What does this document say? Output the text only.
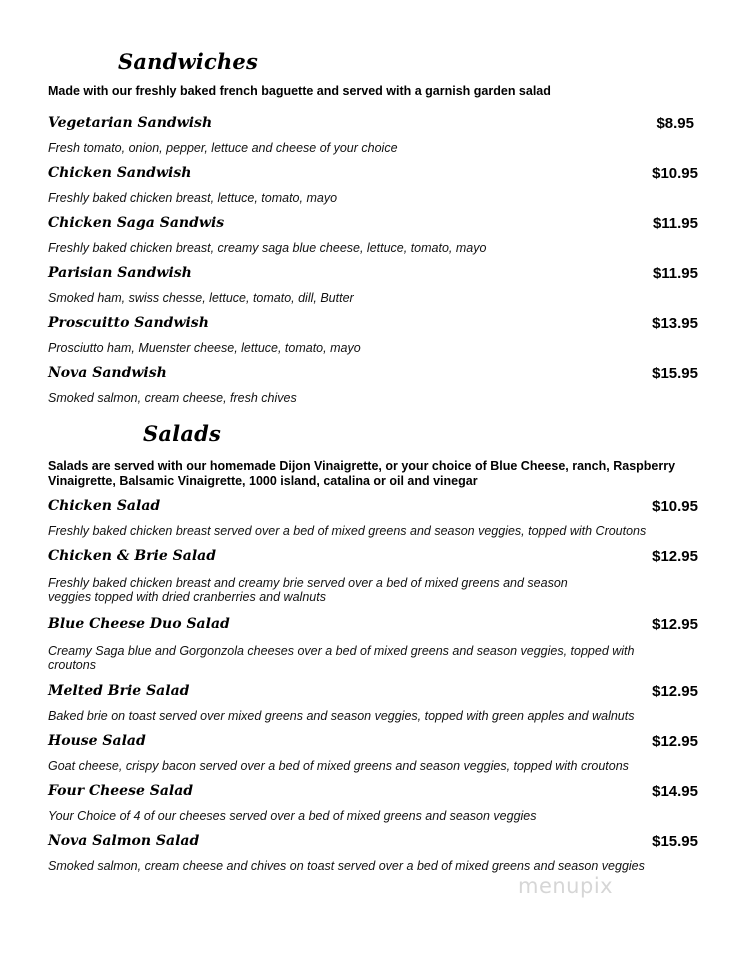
Sandwiches
Made with our freshly baked french baguette and served with a garnish garden salad
Vegetarian Sandwish	$8.95
Fresh tomato, onion, pepper, lettuce and cheese of your choice
Chicken Sandwish	$10.95
Freshly baked chicken breast, lettuce, tomato, mayo
Chicken Saga Sandwis	$11.95
Freshly baked chicken breast, creamy saga blue cheese, lettuce, tomato, mayo
Parisian Sandwish	$11.95
Smoked ham, swiss chesse, lettuce, tomato, dill, Butter
Proscuitto Sandwish	$13.95
Prosciutto ham, Muenster cheese, lettuce, tomato, mayo
Nova Sandwish	$15.95
Smoked salmon, cream cheese, fresh chives
Salads
Salads are served with our homemade Dijon Vinaigrette, or your choice of Blue Cheese, ranch, Raspberry Vinaigrette, Balsamic Vinaigrette, 1000 island, catalina or oil and vinegar
Chicken Salad	$10.95
Freshly baked chicken breast served over a bed of mixed greens and season veggies, topped with Croutons
Chicken & Brie Salad	$12.95
Freshly baked chicken breast and creamy brie served over a bed of mixed greens and season veggies topped with dried cranberries and walnuts
Blue Cheese Duo Salad	$12.95
Creamy Saga blue and Gorgonzola cheeses over a bed of mixed greens and season veggies, topped with croutons
Melted Brie Salad	$12.95
Baked brie on toast served over mixed greens and season veggies, topped with green apples and walnuts
House Salad	$12.95
Goat cheese, crispy bacon served over a bed of mixed greens and season veggies, topped with croutons
Four Cheese Salad	$14.95
Your Choice of 4 of our cheeses served over a bed of mixed greens and season veggies
Nova Salmon Salad	$15.95
Smoked salmon, cream cheese and chives on toast served over a bed of mixed greens and season veggies
menupix
